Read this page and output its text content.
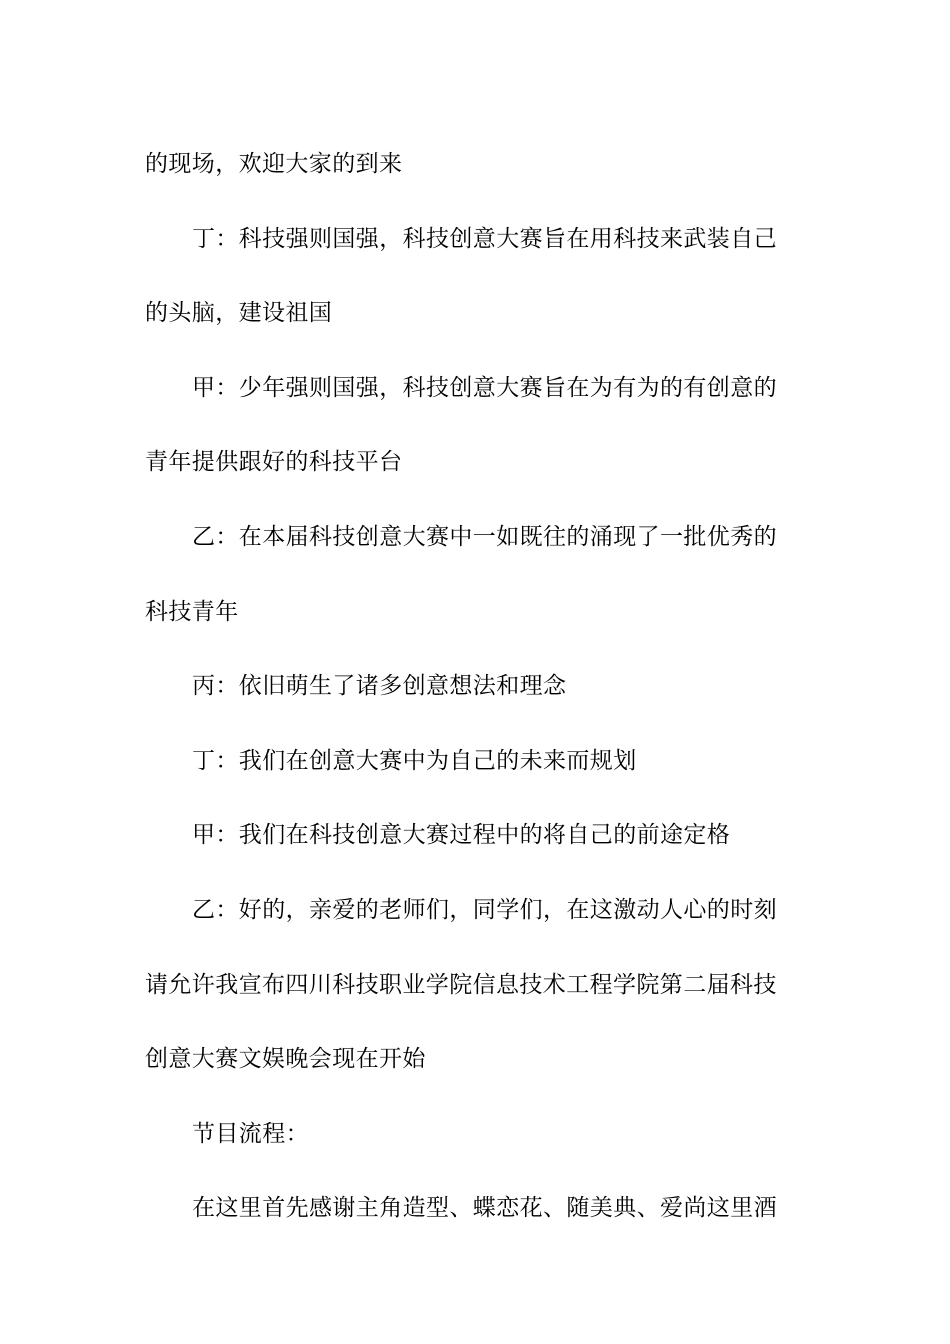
的现场，欢迎大家的到来
丁：科技强则国强，科技创意大赛旨在用科技来武装自己
的头脑，建设祖国
甲：少年强则国强，科技创意大赛旨在为有为的有创意的
青年提供跟好的科技平台
乙：在本届科技创意大赛中一如既往的涌现了一批优秀的
科技青年
丙：依旧萌生了诸多创意想法和理念
丁：我们在创意大赛中为自己的未来而规划
甲：我们在科技创意大赛过程中的将自己的前途定格
乙：好的，亲爱的老师们，同学们，在这激动人心的时刻
请允许我宣布四川科技职业学院信息技术工程学院第二届科技
创意大赛文娱晚会现在开始
节目流程：
在这里首先感谢主角造型、蝶恋花、随美典、爱尚这里酒
